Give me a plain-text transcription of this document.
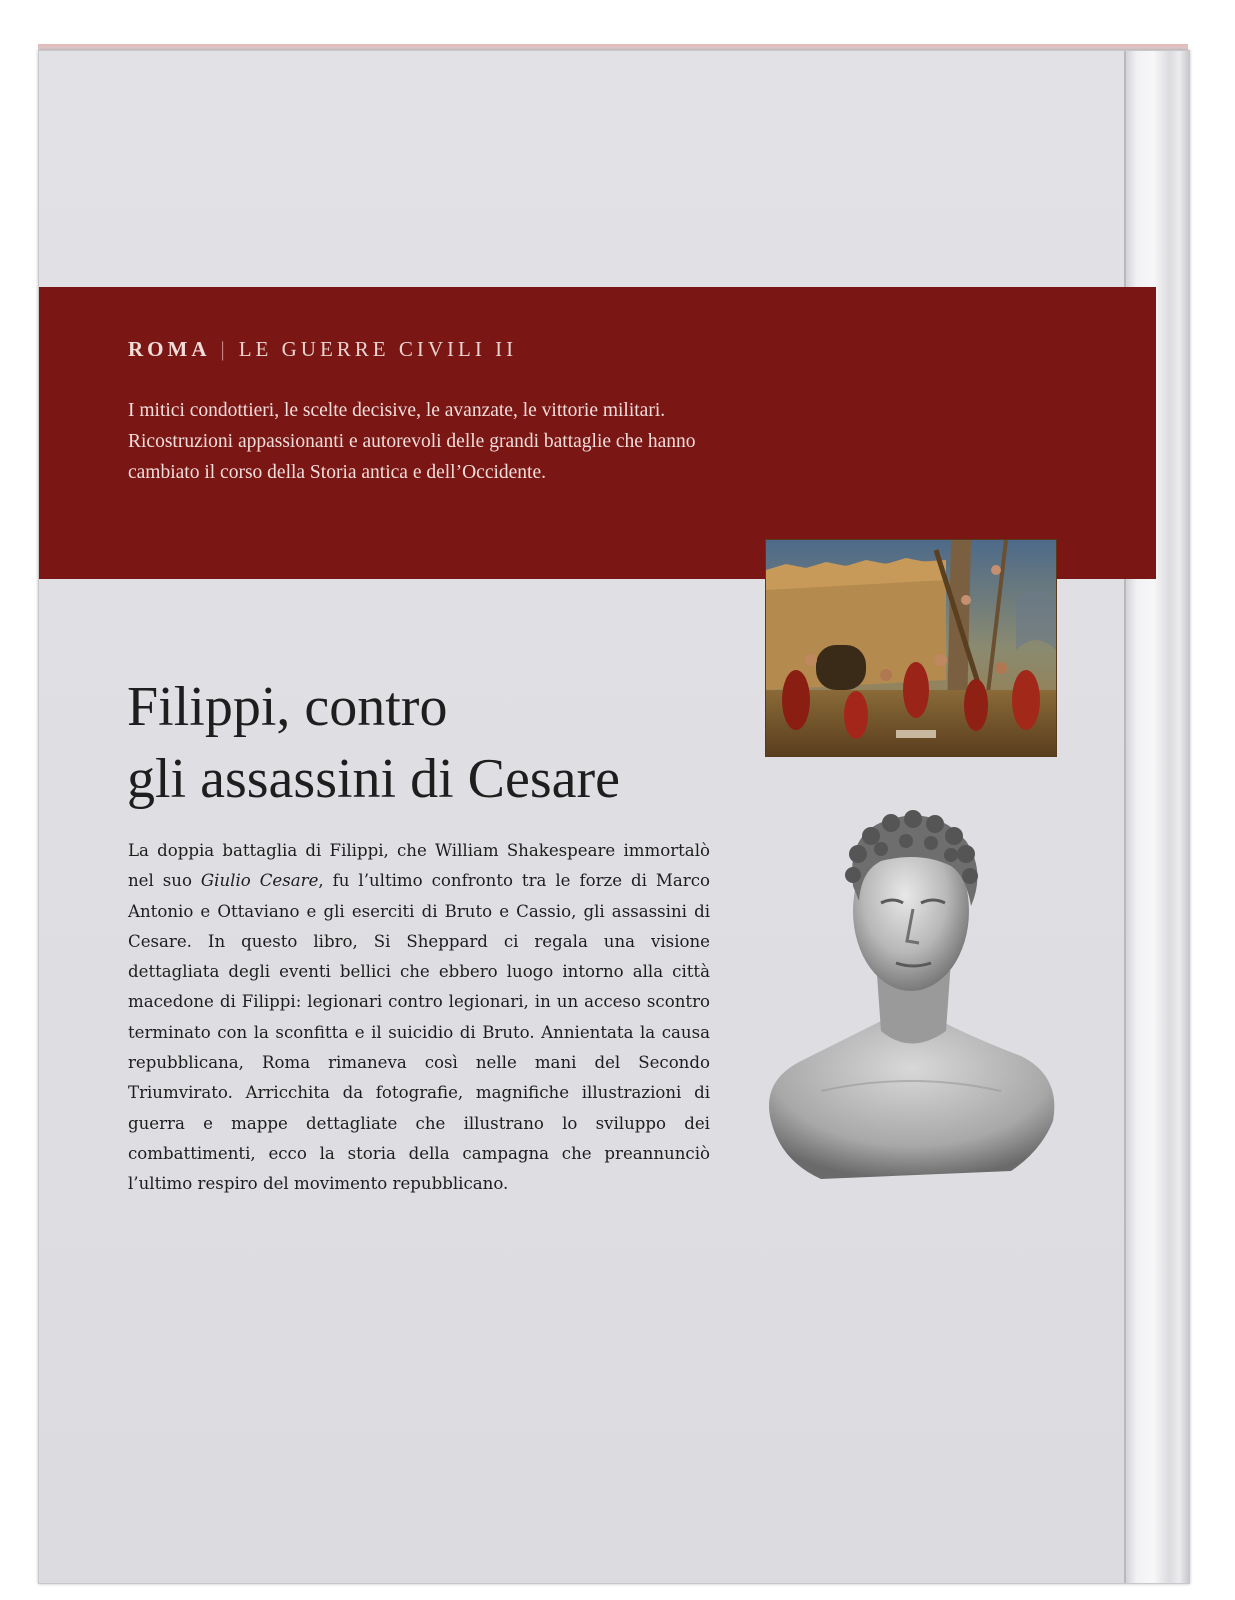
ROMA | LE GUERRE CIVILI II

I mitici condottieri, le scelte decisive, le avanzate, le vittorie militari. Ricostruzioni appassionanti e autorevoli delle grandi battaglie che hanno cambiato il corso della Storia antica e dell’Occidente.

Filippi, contro
gli assassini di Cesare

La doppia battaglia di Filippi, che William Shakespeare immortalò nel suo Giulio Cesare, fu l’ultimo confronto tra le forze di Marco Antonio e Ottaviano e gli eserciti di Bruto e Cassio, gli assassini di Cesare. In questo libro, Si Sheppard ci regala una visione dettagliata degli eventi bellici che ebbero luogo intorno alla città macedone di Filippi: legionari contro legionari, in un acceso scontro terminato con la sconfitta e il suicidio di Bruto. Annientata la causa repubblicana, Roma rimaneva così nelle mani del Secondo Triumvirato. Arricchita da fotografie, magnifiche illustrazioni di guerra e mappe dettagliate che illustrano lo sviluppo dei combattimenti, ecco la storia della campagna che preannunciò l’ultimo respiro del movimento repubblicano.
